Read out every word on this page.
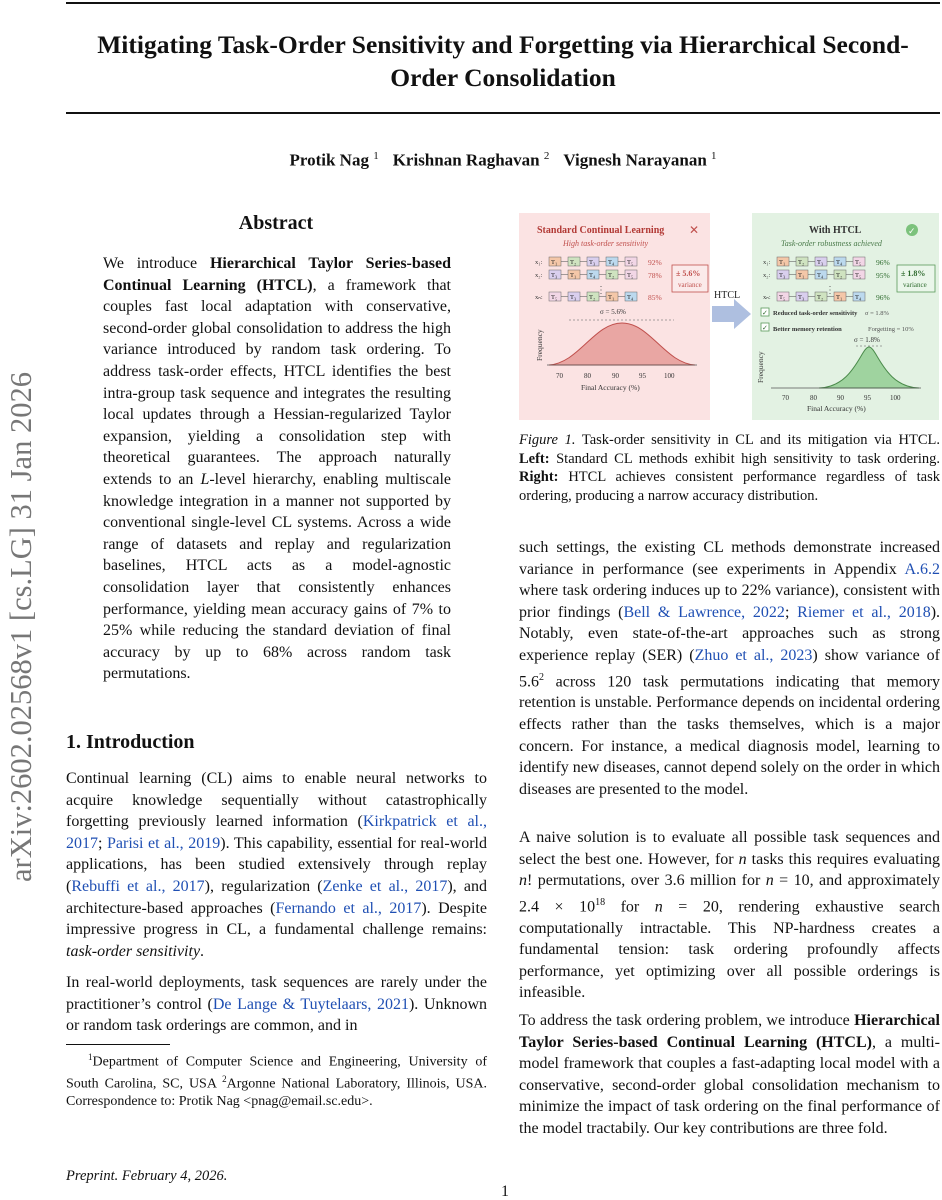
arXiv:2602.02568v1 [cs.LG] 31 Jan 2026
Mitigating Task-Order Sensitivity and Forgetting via Hierarchical Second-Order Consolidation
Protik Nag $^1$ Krishnan Raghavan $^2$ Vignesh Narayanan $^1$
Abstract
We introduce Hierarchical Taylor Series-based Continual Learning (HTCL), a framework that couples fast local adaptation with conservative, second-order global consolidation to address the high variance introduced by random task ordering. To address task-order effects, HTCL identifies the best intra-group task sequence and integrates the resulting local updates through a Hessian-regularized Taylor expansion, yielding a consolidation step with theoretical guarantees. The approach naturally extends to an L-level hierarchy, enabling multiscale knowledge integration in a manner not supported by conventional single-level CL systems. Across a wide range of datasets and replay and regularization baselines, HTCL acts as a model-agnostic consolidation layer that consistently enhances performance, yielding mean accuracy gains of 7% to 25% while reducing the standard deviation of final accuracy by up to 68% across random task permutations.
1. Introduction
Continual learning (CL) aims to enable neural networks to acquire knowledge sequentially without catastrophically forgetting previously learned information (Kirkpatrick et al., 2017; Parisi et al., 2019). This capability, essential for real-world applications, has been studied extensively through replay (Rebuffi et al., 2017), regularization (Zenke et al., 2017), and architecture-based approaches (Fernando et al., 2017). Despite impressive progress in CL, a fundamental challenge remains: task-order sensitivity.
In real-world deployments, task sequences are rarely under the practitioner’s control (De Lange & Tuytelaars, 2021). Unknown or random task orderings are common, and in
$^1$Department of Computer Science and Engineering, University of South Carolina, SC, USA $^2$Argonne National Laboratory, Illinois, USA. Correspondence to: Protik Nag <pnag@email.sc.edu>.
Preprint. February 4, 2026.
Standard Continual Learning ✕
High task-order sensitivity
x₁: T₁ T₂ T₃ T₄ T₅ 92%
x₂: T₃ T₁ T₄ T₂ T₅ 78%
xₙ: T₅ T₃ T₂ T₁ T₄ 85%
⋮
± 5.6%
variance
Frequency
σ = 5.6%
70	80	90	95	100
Final Accuracy (%)
HTCL
With HTCL	✓
Task-order robustness achieved
x₁: T₁ T₂ T₃ T₄ T₅ 96%
x₂: T₃ T₁ T₄ T₂ T₅ 95%
xₙ: T₅ T₃ T₂ T₁ T₄ 96%
⋮
± 1.8%
variance
✓ Reduced task-order sensitivity σ = 1.8%
✓ Better memory retention	Forgetting = 10%
Frequency
σ = 1.8%
70	80	90	95	100
Final Accuracy (%)
Figure 1. Task-order sensitivity in CL and its mitigation via HTCL. Left: Standard CL methods exhibit high sensitivity to task ordering. Right: HTCL achieves consistent performance regardless of task ordering, producing a narrow accuracy distribution.
such settings, the existing CL methods demonstrate increased variance in performance (see experiments in Appendix A.6.2 where task ordering induces up to 22% variance), consistent with prior findings (Bell & Lawrence, 2022; Riemer et al., 2018). Notably, even state-of-the-art approaches such as strong experience replay (SER) (Zhuo et al., 2023) show variance of $5.6^2$ across 120 task permutations indicating that memory retention is unstable. Performance depends on incidental ordering effects rather than the tasks themselves, which is a major concern. For instance, a medical diagnosis model, learning to identify new diseases, cannot depend solely on the order in which diseases are presented to the model.
A naive solution is to evaluate all possible task sequences and select the best one. However, for n tasks this requires evaluating n! permutations, over 3.6 million for n = 10, and approximately $2.4 \times 10^{18}$ for n = 20, rendering exhaustive search computationally intractable. This NP-hardness creates a fundamental tension: task ordering profoundly affects performance, yet optimizing over all possible orderings is infeasible.
To address the task ordering problem, we introduce Hierarchical Taylor Series-based Continual Learning (HTCL), a multi-model framework that couples a fast-adapting local model with a conservative, second-order global consolidation mechanism to minimize the impact of task ordering on the final performance of the model tractabily. Our key contributions are three fold.
1
